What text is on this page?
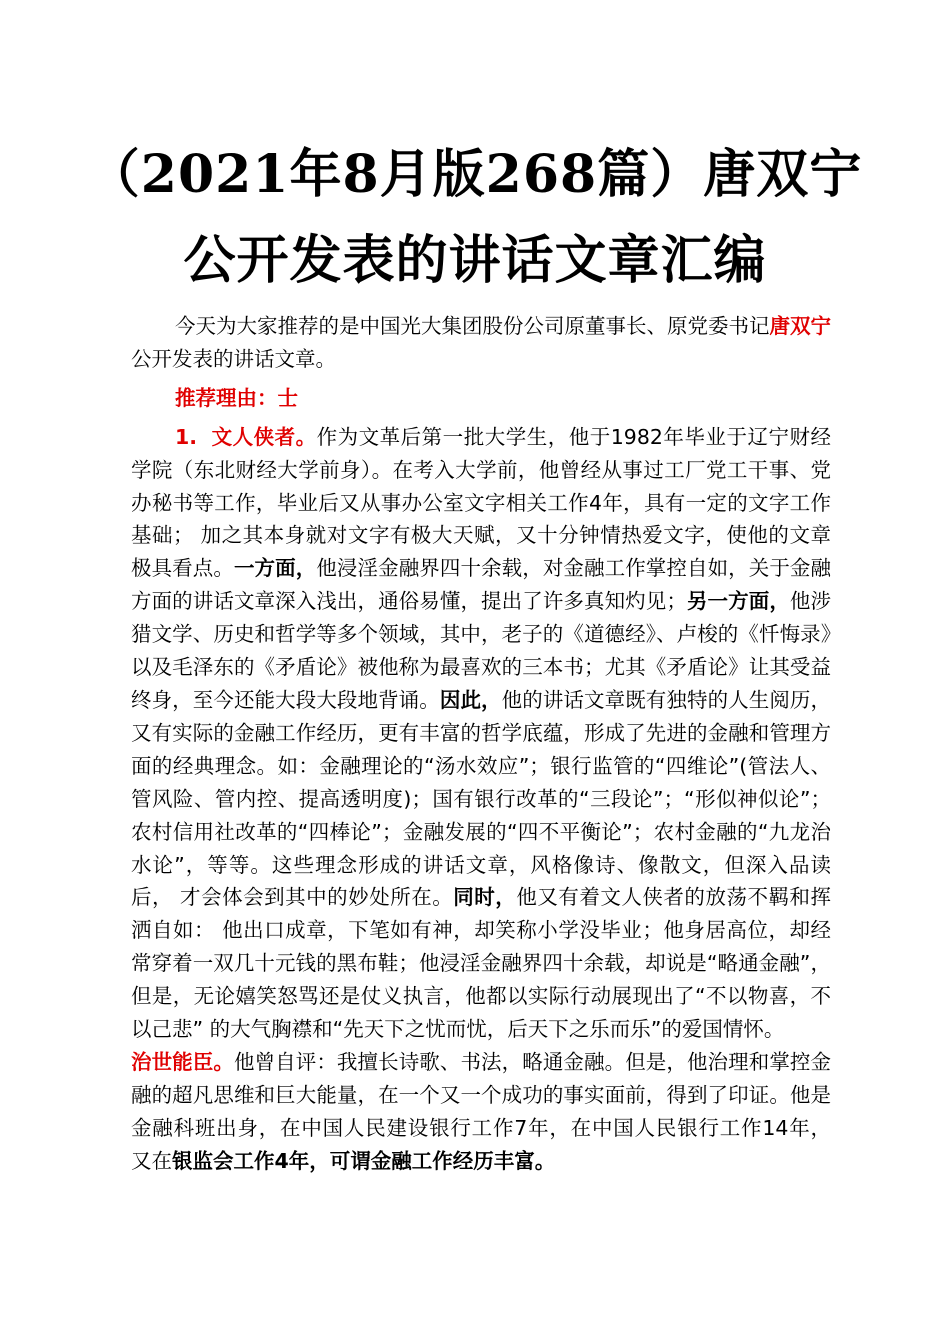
（2021年8月版268篇）唐双宁
公开发表的讲话文章汇编

今天为大家推荐的是中国光大集团股份公司原董事长、原党委书记唐双宁公开发表的讲话文章。

推荐理由：士

1. 文人侠者。作为文革后第一批大学生，他于1982年毕业于辽宁财经学院（东北财经大学前身）。在考入大学前，他曾经从事过工厂党工干事、党办秘书等工作，毕业后又从事办公室文字相关工作4年，具有一定的文字工作基础； 加之其本身就对文字有极大天赋，又十分钟情热爱文字，使他的文章极具看点。一方面，他浸淫金融界四十余载，对金融工作掌控自如，关于金融方面的讲话文章深入浅出，通俗易懂，提出了许多真知灼见；另一方面，他涉猎文学、历史和哲学等多个领域，其中，老子的《道德经》、卢梭的《忏悔录》以及毛泽东的《矛盾论》被他称为最喜欢的三本书；尤其《矛盾论》让其受益终身，至今还能大段大段地背诵。因此，他的讲话文章既有独特的人生阅历，又有实际的金融工作经历，更有丰富的哲学底蕴，形成了先进的金融和管理方面的经典理念。如：金融理论的“汤水效应”；银行监管的“四维论”(管法人、管风险、管内控、提高透明度)；国有银行改革的“三段论”；“形似神似论”；农村信用社改革的“四棒论”；金融发展的“四不平衡论”；农村金融的“九龙治水论”，等等。这些理念形成的讲话文章，风格像诗、像散文，但深入品读后， 才会体会到其中的妙处所在。同时，他又有着文人侠者的放荡不羁和挥洒自如： 他出口成章，下笔如有神，却笑称小学没毕业；他身居高位，却经常穿着一双几十元钱的黑布鞋；他浸淫金融界四十余载，却说是“略通金融”，但是，无论嬉笑怒骂还是仗义执言，他都以实际行动展现出了“不以物喜，不以己悲” 的大气胸襟和“先天下之忧而忧，后天下之乐而乐”的爱国情怀。

治世能臣。他曾自评：我擅长诗歌、书法，略通金融。但是，他治理和掌控金融的超凡思维和巨大能量，在一个又一个成功的事实面前，得到了印证。他是金融科班出身，在中国人民建设银行工作7年，在中国人民银行工作14年， 又在银监会工作4年，可谓金融工作经历丰富。
